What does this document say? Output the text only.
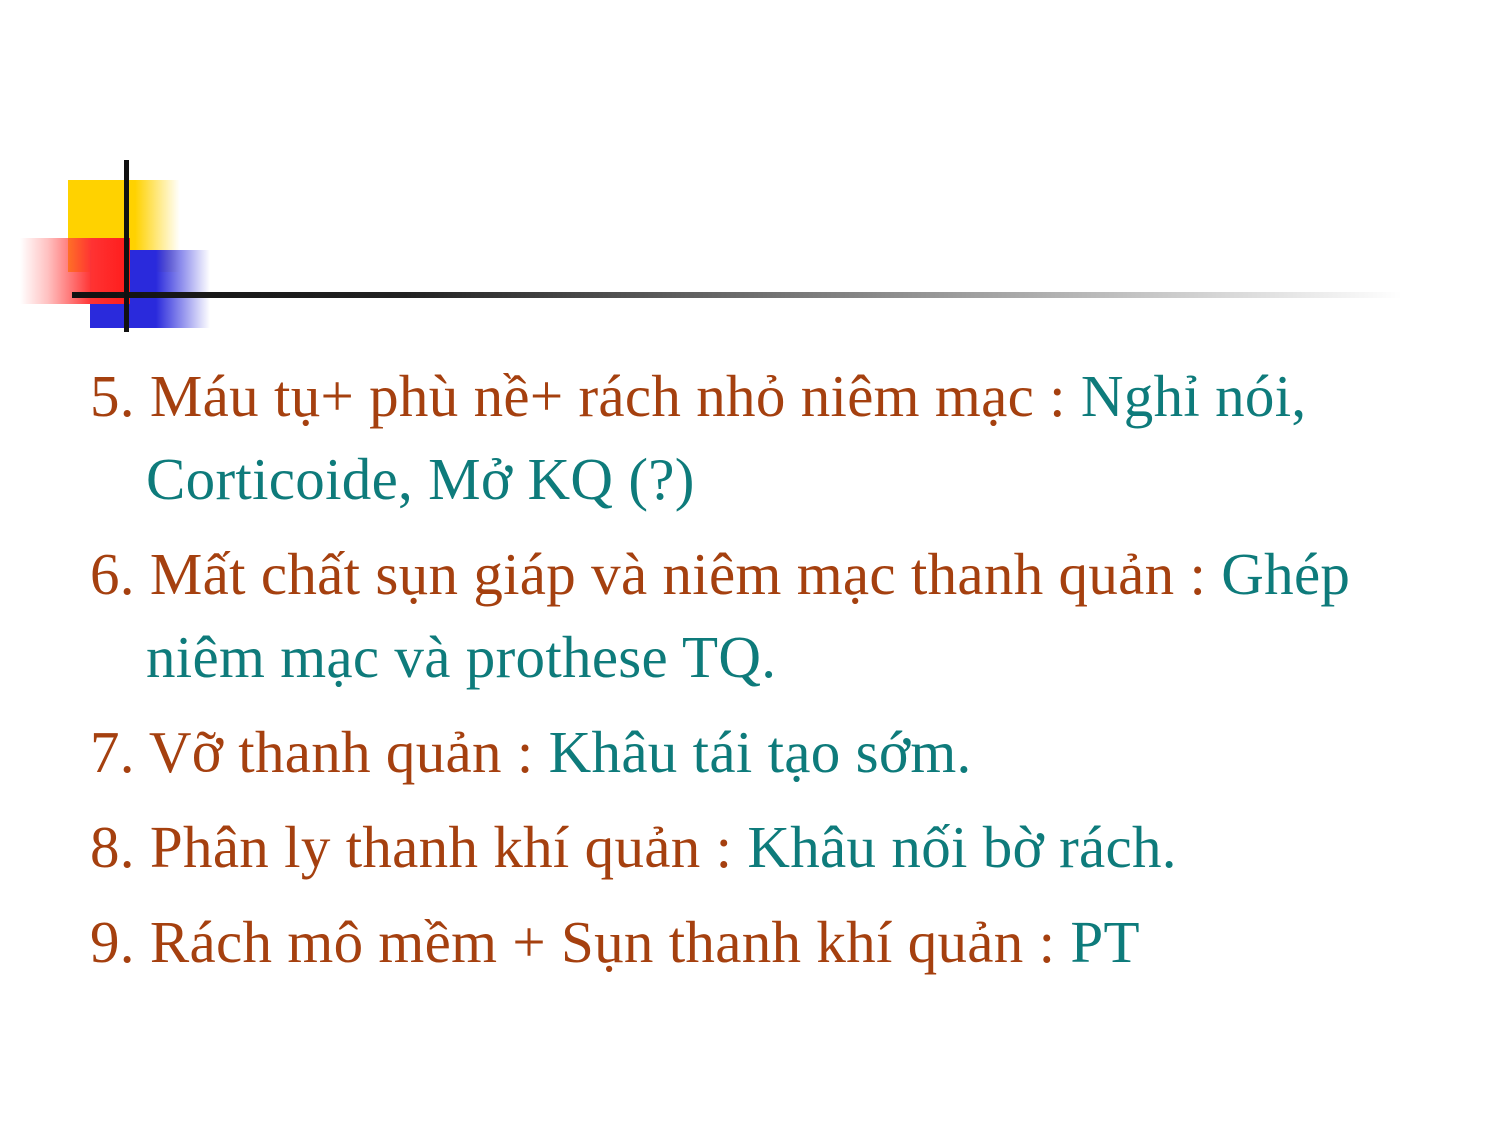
5. Máu tụ+ phù nề+ rách nhỏ niêm mạc : Nghỉ nói, Corticoide, Mở KQ (?)
6. Mất chất sụn giáp và niêm mạc thanh quản : Ghép niêm mạc và prothese TQ.
7. Vỡ thanh quản : Khâu tái tạo sớm.
8. Phân ly thanh khí quản : Khâu nối bờ rách.
9. Rách mô mềm + Sụn thanh khí quản : PT
